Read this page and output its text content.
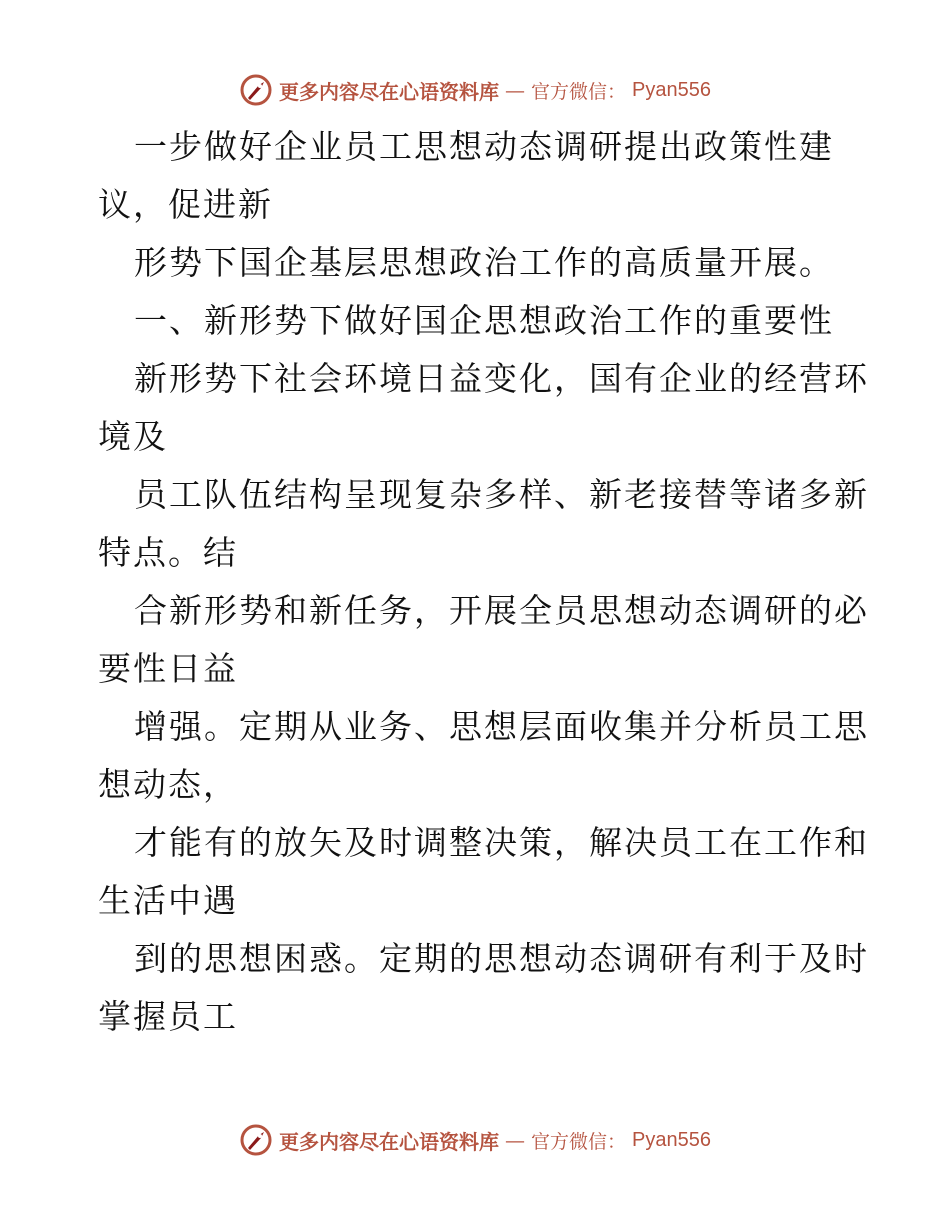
更多内容尽在心语资料库 — 官方微信： Pyan556
一步做好企业员工思想动态调研提出政策性建
议，促进新
形势下国企基层思想政治工作的高质量开展。
一、新形势下做好国企思想政治工作的重要性
新形势下社会环境日益变化，国有企业的经营环
境及
员工队伍结构呈现复杂多样、新老接替等诸多新
特点。结
合新形势和新任务，开展全员思想动态调研的必
要性日益
增强。定期从业务、思想层面收集并分析员工思
想动态，
才能有的放矢及时调整决策，解决员工在工作和
生活中遇
到的思想困惑。定期的思想动态调研有利于及时
掌握员工
更多内容尽在心语资料库 — 官方微信： Pyan556
